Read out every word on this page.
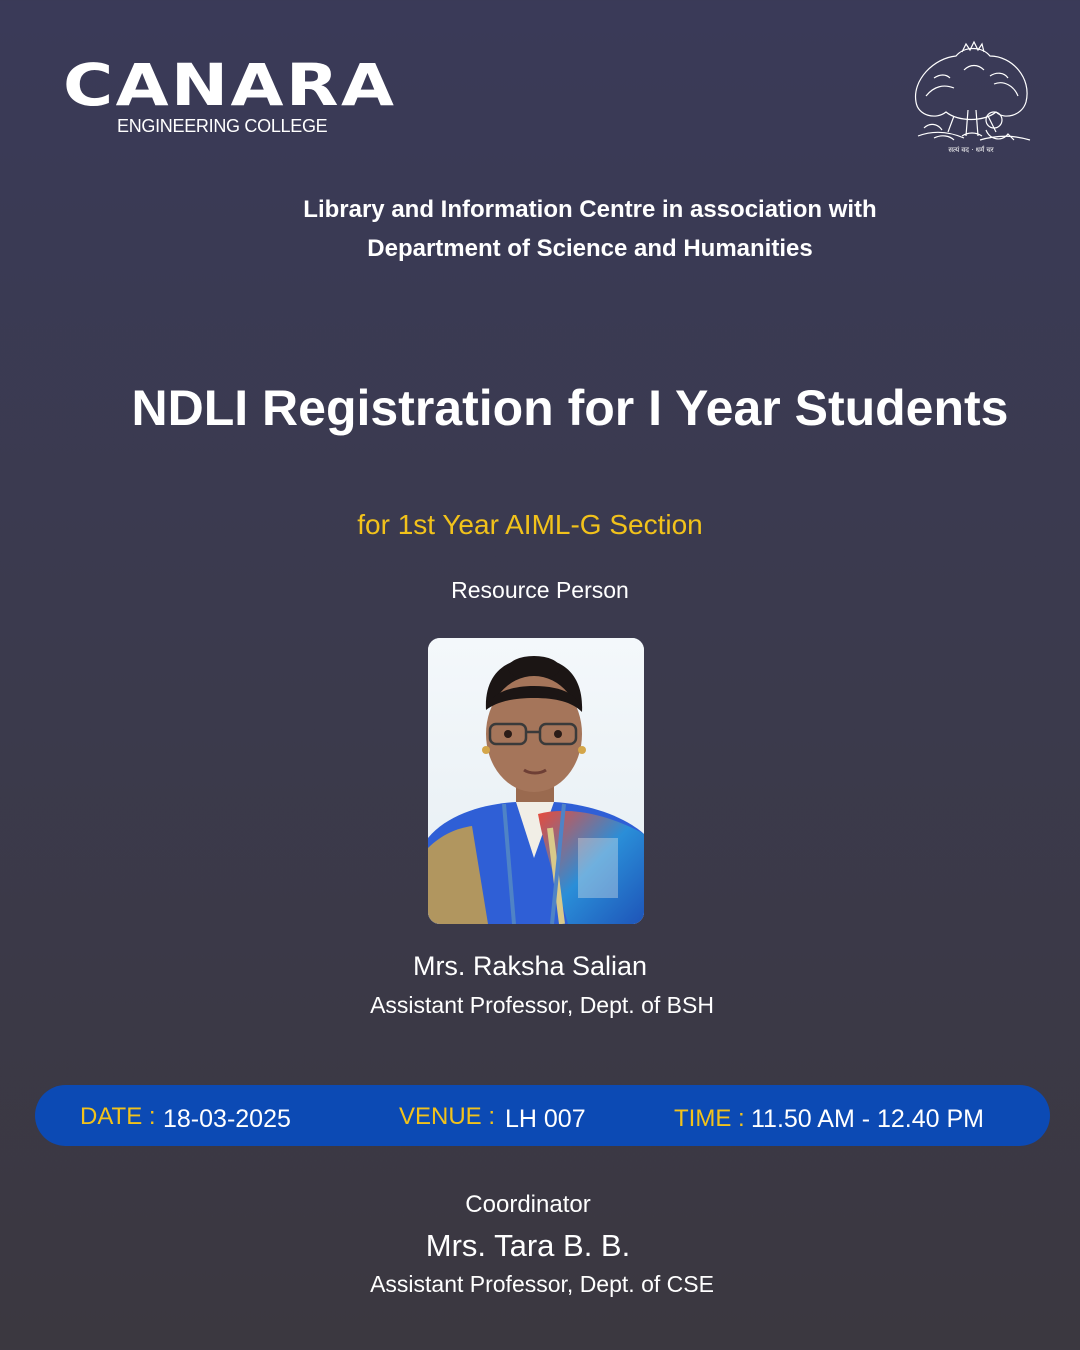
CANARA
ENGINEERING COLLEGE
सत्यं वद · धर्मं चर
Library and Information Centre in association with
Department of Science and Humanities
NDLI Registration for I Year Students
for 1st Year AIML-G Section
Resource Person
Mrs. Raksha Salian
Assistant Professor, Dept. of BSH
DATE : 18-03-2025	VENUE : LH 007	TIME : 11.50 AM - 12.40 PM
Coordinator
Mrs. Tara B. B.
Assistant Professor, Dept. of CSE
